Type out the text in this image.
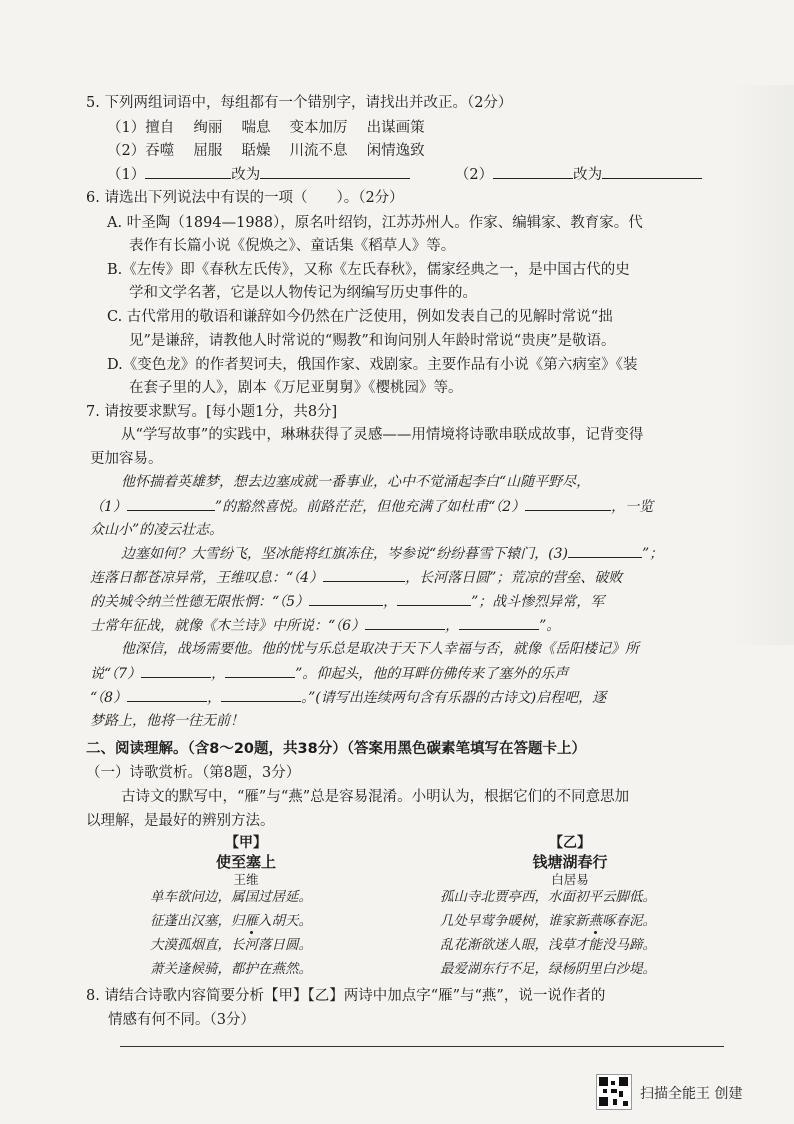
5. 下列两组词语中，每组都有一个错别字，请找出并改正。（2分）
（1）擅自　 绚丽　 喘息　 变本加厉　 出谋画策
（2）吞噬　 屈服　 聒燥　 川流不息　 闲情逸致
（1）	改为	（2）	改为
6. 请选出下列说法中有误的一项（　　）。（2分）
A. 叶圣陶（1894—1988），原名叶绍钧，江苏苏州人。作家、编辑家、教育家。代
表作有长篇小说《倪焕之》、童话集《稻草人》等。
B.《左传》即《春秋左氏传》，又称《左氏春秋》，儒家经典之一，是中国古代的史
学和文学名著，它是以人物传记为纲编写历史事件的。
C. 古代常用的敬语和谦辞如今仍然在广泛使用，例如发表自己的见解时常说“拙
见”是谦辞，请教他人时常说的“赐教”和询问别人年龄时常说“贵庚”是敬语。
D.《变色龙》的作者契诃夫，俄国作家、戏剧家。主要作品有小说《第六病室》《装
在套子里的人》，剧本《万尼亚舅舅》《樱桃园》等。
7. 请按要求默写。[每小题1分，共8分]
从“学写故事”的实践中，琳琳获得了灵感——用情境将诗歌串联成故事，记背变得
更加容易。
他怀揣着英雄梦，想去边塞成就一番事业，心中不觉涌起李白“山随平野尽，
（1）	”的豁然喜悦。前路茫茫，但他充满了如杜甫“（2）	，一览
众山小”的凌云壮志。
边塞如何？大雪纷飞，坚冰能将红旗冻住，岑参说“纷纷暮雪下辕门，(3)	”；
连落日都苍凉异常，王维叹息：“（4）	，长河落日圆”；荒凉的营垒、破败
的关城令纳兰性德无限怅惘：“（5）	，	”；战斗惨烈异常，军
士常年征战，就像《木兰诗》中所说：“（6）	，	”。
他深信，战场需要他。他的忧与乐总是取决于天下人幸福与否，就像《岳阳楼记》所
说“（7）	，	”。仰起头，他的耳畔仿佛传来了塞外的乐声
“（8）	，	。”(请写出连续两句含有乐器的古诗文)启程吧，逐
梦路上，他将一往无前！
二、阅读理解。（含8～20题，共38分）（答案用黑色碳素笔填写在答题卡上）
（一）诗歌赏析。（第8题，3分）
古诗文的默写中，“雁”与“燕”总是容易混淆。小明认为，根据它们的不同意思加
以理解，是最好的辨别方法。
【甲】
使至塞上
王维
单车欲问边，属国过居延。
征蓬出汉塞，归雁入胡天。
大漠孤烟直，长河落日圆。
萧关逢候骑，都护在燕然。
【乙】
钱塘湖春行
白居易
孤山寺北贾亭西，水面初平云脚低。
几处早莺争暖树，谁家新燕啄春泥。
乱花渐欲迷人眼，浅草才能没马蹄。
最爱湖东行不足，绿杨阴里白沙堤。
8. 请结合诗歌内容简要分析【甲】【乙】两诗中加点字“雁”与“燕”，说一说作者的
情感有何不同。（3分）
扫描全能王 创建
